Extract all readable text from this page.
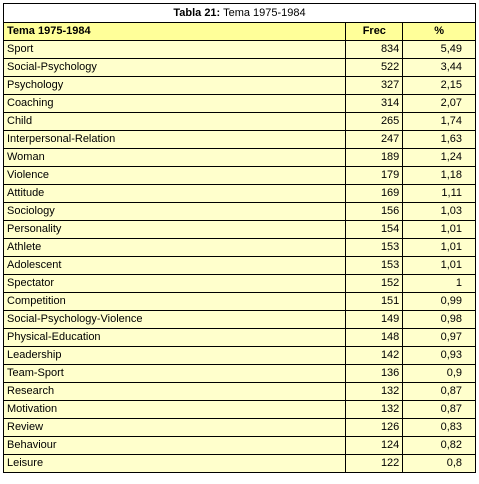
Tabla 21: Tema 1975-1984		
Tema 1975-1984	Frec	%
Sport	834	5,49
Social-Psychology	522	3,44
Psychology	327	2,15
Coaching	314	2,07
Child	265	1,74
Interpersonal-Relation	247	1,63
Woman	189	1,24
Violence	179	1,18
Attitude	169	1,11
Sociology	156	1,03
Personality	154	1,01
Athlete	153	1,01
Adolescent	153	1,01
Spectator	152	1
Competition	151	0,99
Social-Psychology-Violence	149	0,98
Physical-Education	148	0,97
Leadership	142	0,93
Team-Sport	136	0,9
Research	132	0,87
Motivation	132	0,87
Review	126	0,83
Behaviour	124	0,82
Leisure	122	0,8
